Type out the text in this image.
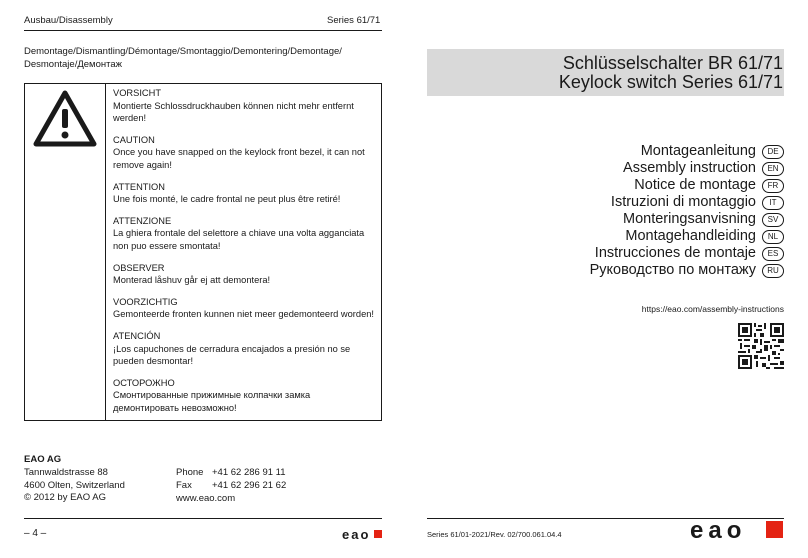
Ausbau/Disassembly	Series 61/71
Demontage/Dismantling/Démontage/Smontaggio/Demontering/Demontage/ Desmontaje/Демонтаж
VORSICHT
Montierte Schlossdruckhauben können nicht mehr entfernt werden!
CAUTION
Once you have snapped on the keylock front bezel, it can not remove again!
ATTENTION
Une fois monté, le cadre frontal ne peut plus être retiré!
ATTENZIONE
La ghiera frontale del selettore a chiave una volta agganciata non puo essere smontata!
OBSERVER
Monterad låshuv går ej att demontera!
VOORZICHTIG
Gemonteerde fronten kunnen niet meer gedemonteerd worden!
ATENCIÓN
¡Los capuchones de cerradura encajados a presión no se pueden desmontar!
ОСТОРОЖНО
Смонтированные прижимные колпачки замка демонтировать невозможно!
EAO AG
Tannwaldstrasse 88
4600 Olten, Switzerland
© 2012 by EAO AG
Phone	+41 62 286 91 11
Fax	+41 62 296 21 62
www.eao.com	
– 4 –	eao
Schlüsselschalter BR 61/71
Keylock switch Series 61/71
Montageanleitung	DE
Assembly instruction	EN
Notice de montage	FR
Istruzioni di montaggio	IT
Monteringsanvisning	SV
Montagehandleiding	NL
Instrucciones de montaje	ES
Руководство по монтажу	RU
https://eao.com/assembly-instructions
Series 61/01-2021/Rev. 02/700.061.04.4	eao
